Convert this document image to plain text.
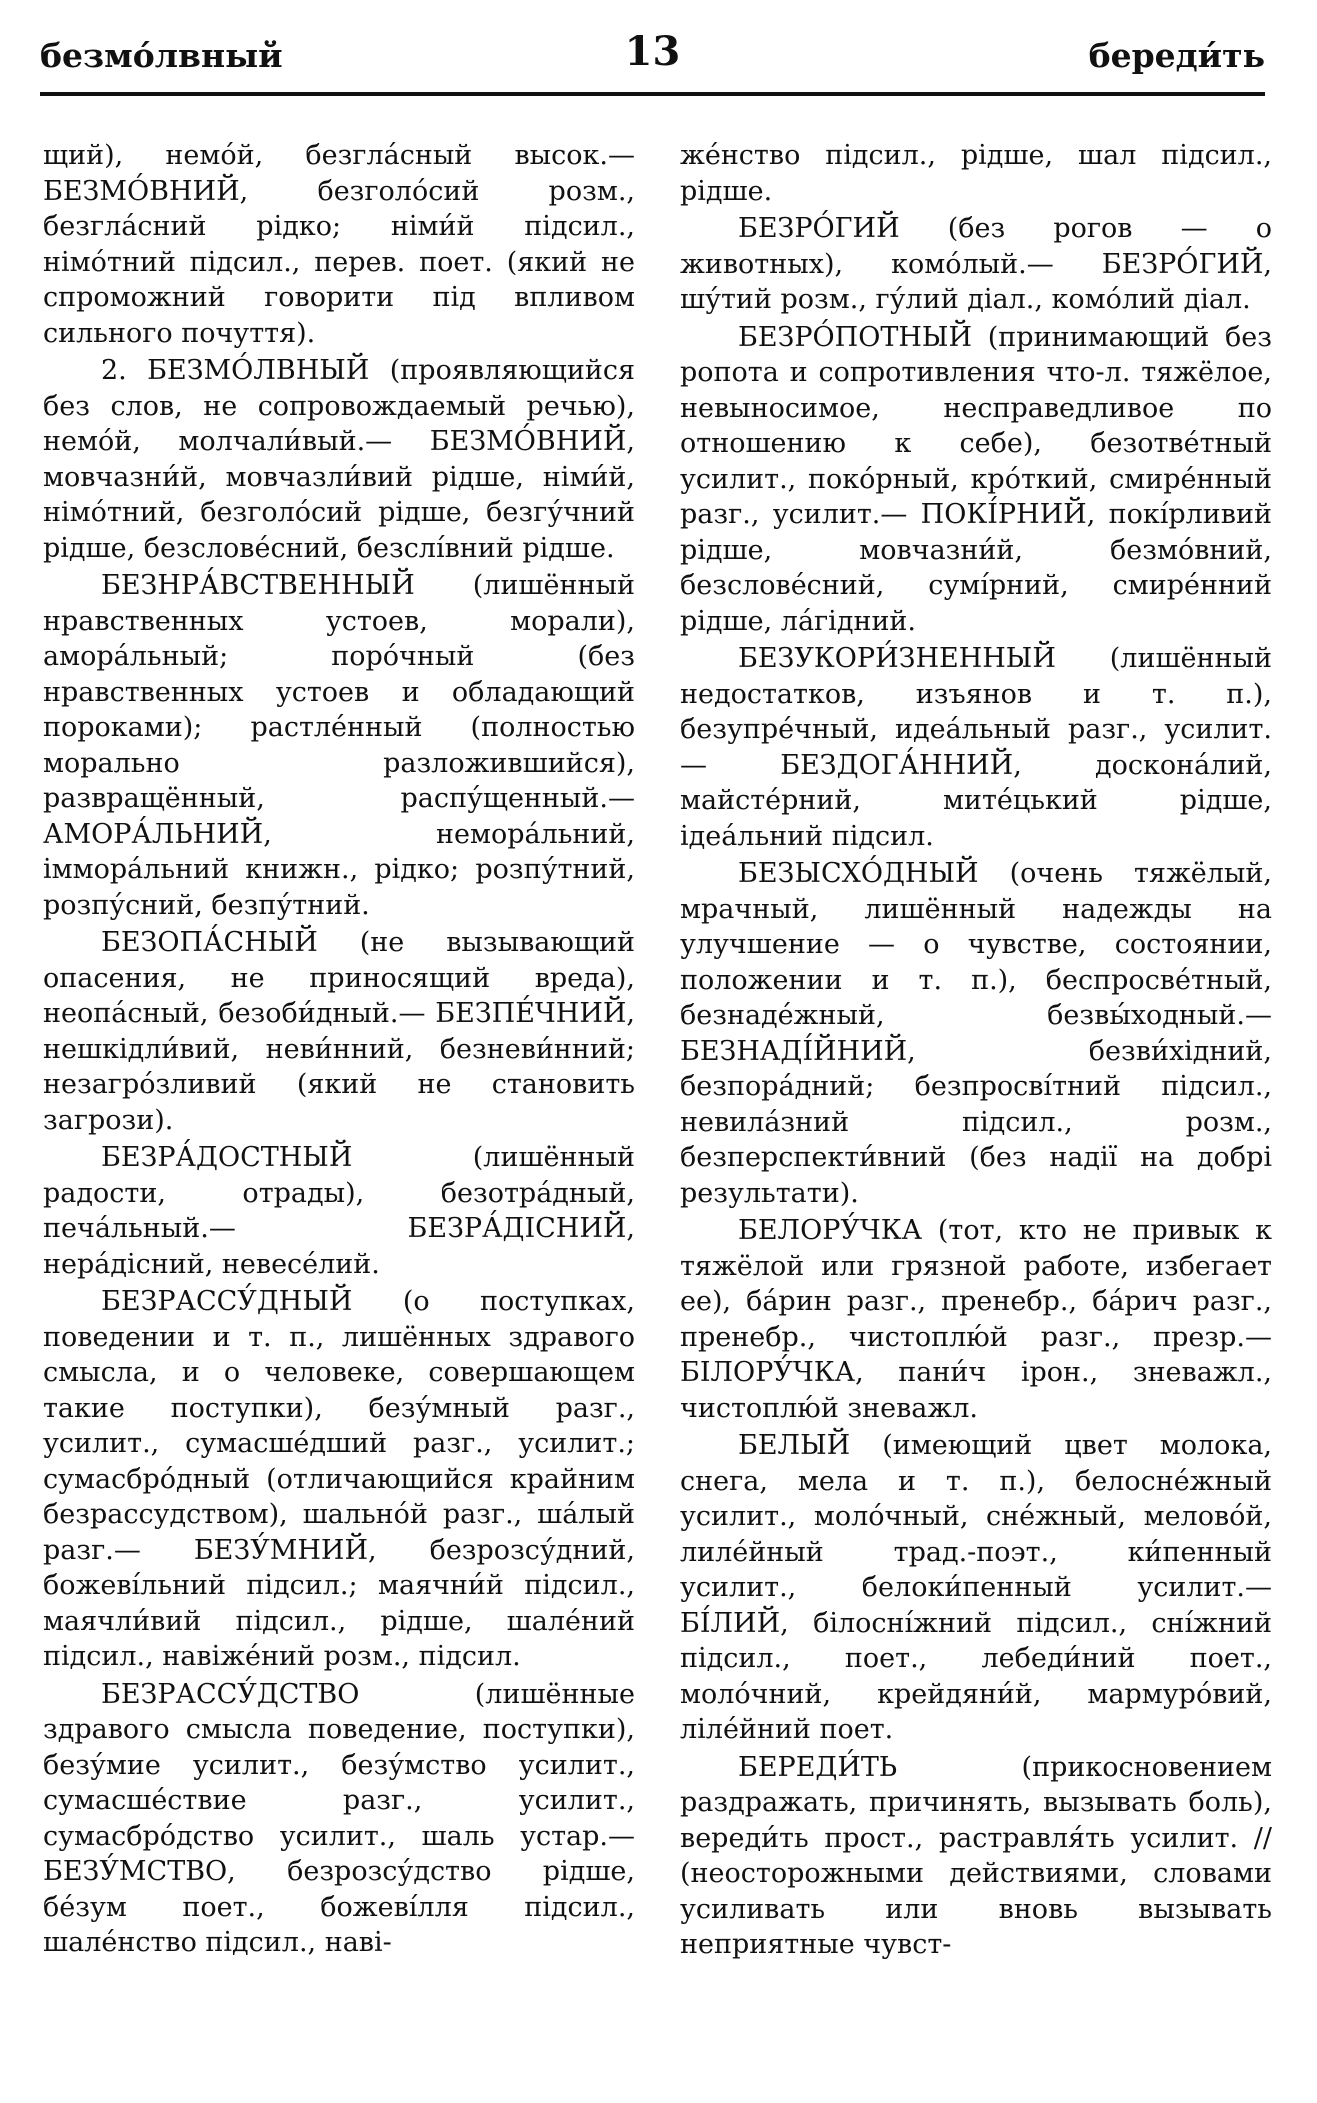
безмо́лвный	13	береди́ть

щий), немо́й, безгла́сный высок.— БЕЗМО́ВНИЙ, безголо́сий розм., безгла́сний рідко; німи́й підсил., німо́тний підсил., перев. поет. (який не спроможний говорити під впливом сильного почуття).

2. БЕЗМО́ЛВНЫЙ (проявляющийся без слов, не сопровождаемый речью), немо́й, молчали́вый.— БЕЗМО́ВНИЙ, мовчазни́й, мовчазли́вий рідше, німи́й, німо́тний, безголо́сий рідше, безгу́чний рідше, безслове́сний, безслі́вний рідше.

БЕЗНРА́ВСТВЕННЫЙ (лишённый нравственных устоев, морали), амора́льный; поро́чный (без нравственных устоев и обладающий пороками); растле́нный (полностью морально разложившийся), развращённый, распу́щенный.— АМОРА́ЛЬНИЙ, неморáльний, іммора́льний книжн., рідко; розпу́тний, розпу́сний, безпу́тний.

БЕЗОПА́СНЫЙ (не вызывающий опасения, не приносящий вреда), неопа́сный, безоби́дный.— БЕЗПЕ́ЧНИЙ, нешкідли́вий, неви́нний, безневи́нний; незагро́зливий (який не становить загрози).

БЕЗРА́ДОСТНЫЙ (лишённый радости, отрады), безотра́дный, печа́льный.— БЕЗРА́ДІСНИЙ, нера́дісний, невесе́лий.

БЕЗРАССУ́ДНЫЙ (о поступках, поведении и т. п., лишённых здравого смысла, и о человеке, совершающем такие поступки), безу́мный разг., усилит., сумасше́дший разг., усилит.; сумасбро́дный (отличающийся крайним безрассудством), шально́й разг., ша́лый разг.— БЕЗУ́МНИЙ, безрозсу́дний, божеві́льний підсил.; маячни́й підсил., маячли́вий підсил., рідше, шале́ний підсил., навіже́ний розм., підсил.

БЕЗРАССУ́ДСТВО (лишённые здравого смысла поведение, поступки), безу́мие усилит., безу́мство усилит., сумасше́ствие разг., усилит., сумасбро́дство усилит., шаль устар.— БЕЗУ́МСТВО, безрозсу́дство рідше, бе́зум поет., божеві́лля підсил., шале́нство підсил., наві-

же́нство підсил., рідше, шал підсил., рідше.

БЕЗРО́ГИЙ (без рогов — о животных), комо́лый.— БЕЗРО́ГИЙ, шу́тий розм., гу́лий діал., комо́лий діал.

БЕЗРО́ПОТНЫЙ (принимающий без ропота и сопротивления что-л. тяжёлое, невыносимое, несправедливое по отношению к себе), безотве́тный усилит., поко́рный, кро́ткий, смире́нный разг., усилит.— ПОКІ́РНИЙ, покі́рливий рідше, мовчазни́й, безмо́вний, безслове́сний, сумі́рний, смире́нний рідше, ла́гідний.

БЕЗУКОРИ́ЗНЕННЫЙ (лишённый недостатков, изъянов и т. п.), безупре́чный, идеа́льный разг., усилит.— БЕЗДОГА́ННИЙ, доскона́лий, майсте́рний, мите́цький рідше, ідеа́льний підсил.

БЕЗЫСХО́ДНЫЙ (очень тяжёлый, мрачный, лишённый надежды на улучшение — о чувстве, состоянии, положении и т. п.), беспросве́тный, безнаде́жный, безвы́ходный.— БЕЗНАДІ́ЙНИЙ, безви́хідний, безпора́дний; безпросві́тний підсил., невила́зний підсил., розм., безперспекти́вний (без надії на добрі результати).

БЕЛОРУ́ЧКА (тот, кто не привык к тяжёлой или грязной работе, избегает ее), ба́рин разг., пренебр., ба́рич разг., пренебр., чистоплю́й разг., презр.— БІЛОРУ́ЧКА, пани́ч ірон., зневажл., чистоплю́й зневажл.

БЕЛЫЙ (имеющий цвет молока, снега, мела и т. п.), белосне́жный усилит., моло́чный, сне́жный, мелово́й, лиле́йный трад.-поэт., ки́пенный усилит., белоки́пенный усилит.— БІ́ЛИЙ, білосні́жний підсил., сні́жний підсил., поет., лебеди́ний поет., моло́чний, крейдяни́й, мармуро́вий, ліле́йний поет.

БЕРЕДИ́ТЬ (прикосновением раздражать, причинять, вызывать боль), вереди́ть прост., растравля́ть усилит. // (неосторожными действиями, словами усиливать или вновь вызывать неприятные чувст-
